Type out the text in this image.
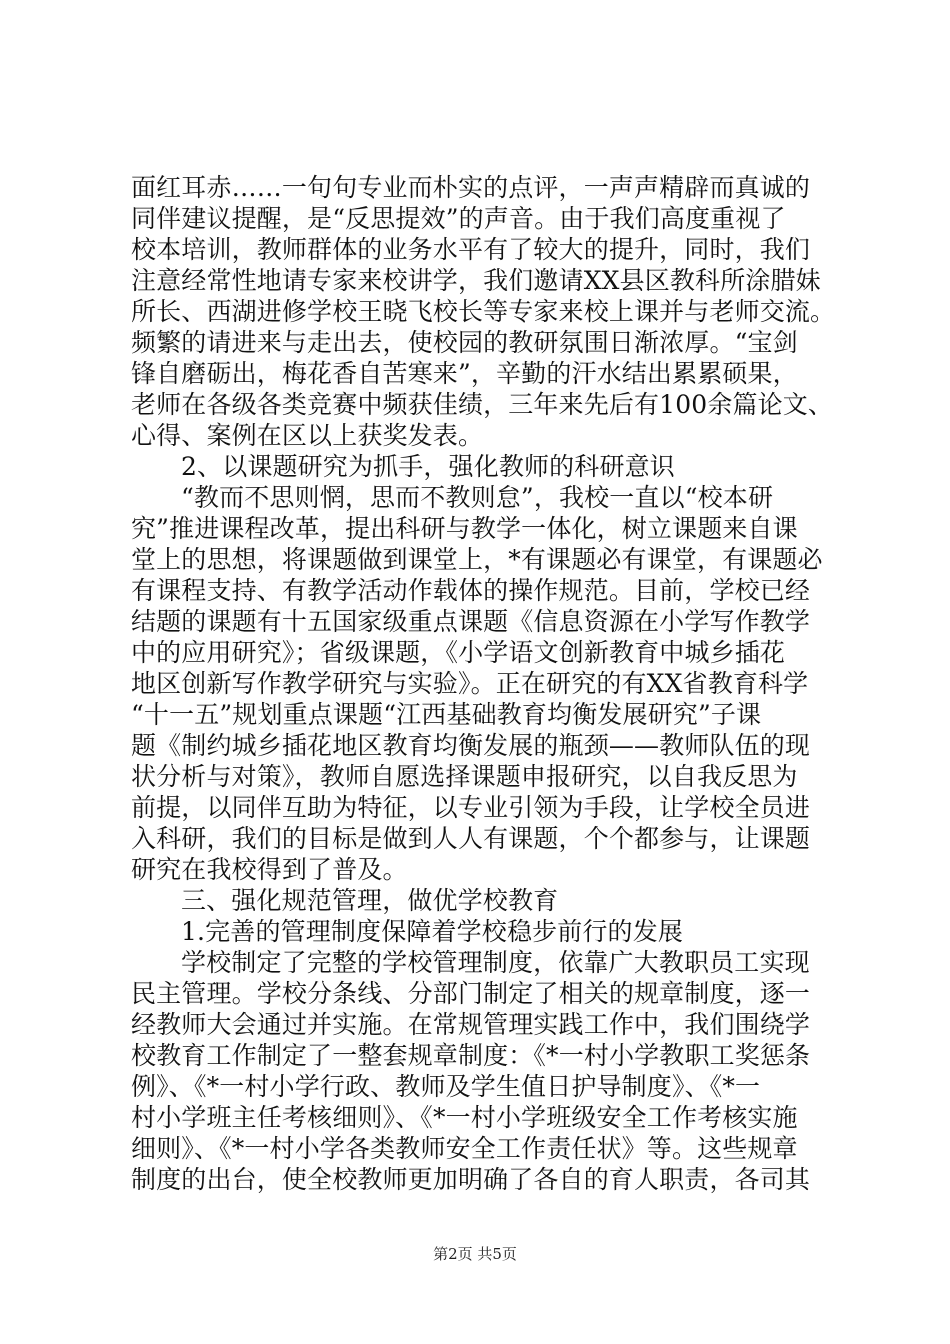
面红耳赤……一句句专业而朴实的点评，一声声精辟而真诚的
同伴建议提醒，是“反思提效”的声音。由于我们高度重视了
校本培训，教师群体的业务水平有了较大的提升，同时，我们
注意经常性地请专家来校讲学，我们邀请XX县区教科所涂腊妹
所长、西湖进修学校王晓飞校长等专家来校上课并与老师交流。
频繁的请进来与走出去，使校园的教研氛围日渐浓厚。“宝剑
锋自磨砺出，梅花香自苦寒来”，辛勤的汗水结出累累硕果，
老师在各级各类竞赛中频获佳绩，三年来先后有100余篇论文、
心得、案例在区以上获奖发表。
2、以课题研究为抓手，强化教师的科研意识
“教而不思则惘，思而不教则怠”，我校一直以“校本研
究”推进课程改革，提出科研与教学一体化，树立课题来自课
堂上的思想，将课题做到课堂上，*有课题必有课堂，有课题必
有课程支持、有教学活动作载体的操作规范。目前，学校已经
结题的课题有十五国家级重点课题《信息资源在小学写作教学
中的应用研究》；省级课题，《小学语文创新教育中城乡插花
地区创新写作教学研究与实验》。正在研究的有XX省教育科学
“十一五”规划重点课题“江西基础教育均衡发展研究”子课
题《制约城乡插花地区教育均衡发展的瓶颈——教师队伍的现
状分析与对策》，教师自愿选择课题申报研究，以自我反思为
前提，以同伴互助为特征，以专业引领为手段，让学校全员进
入科研，我们的目标是做到人人有课题，个个都参与，让课题
研究在我校得到了普及。
三、强化规范管理，做优学校教育
1.完善的管理制度保障着学校稳步前行的发展
学校制定了完整的学校管理制度，依靠广大教职员工实现
民主管理。学校分条线、分部门制定了相关的规章制度，逐一
经教师大会通过并实施。在常规管理实践工作中，我们围绕学
校教育工作制定了一整套规章制度：《*一村小学教职工奖惩条
例》、《*一村小学行政、教师及学生值日护导制度》、《*一
村小学班主任考核细则》、《*一村小学班级安全工作考核实施
细则》、《*一村小学各类教师安全工作责任状》等。这些规章
制度的出台，使全校教师更加明确了各自的育人职责，各司其
第2页 共5页
